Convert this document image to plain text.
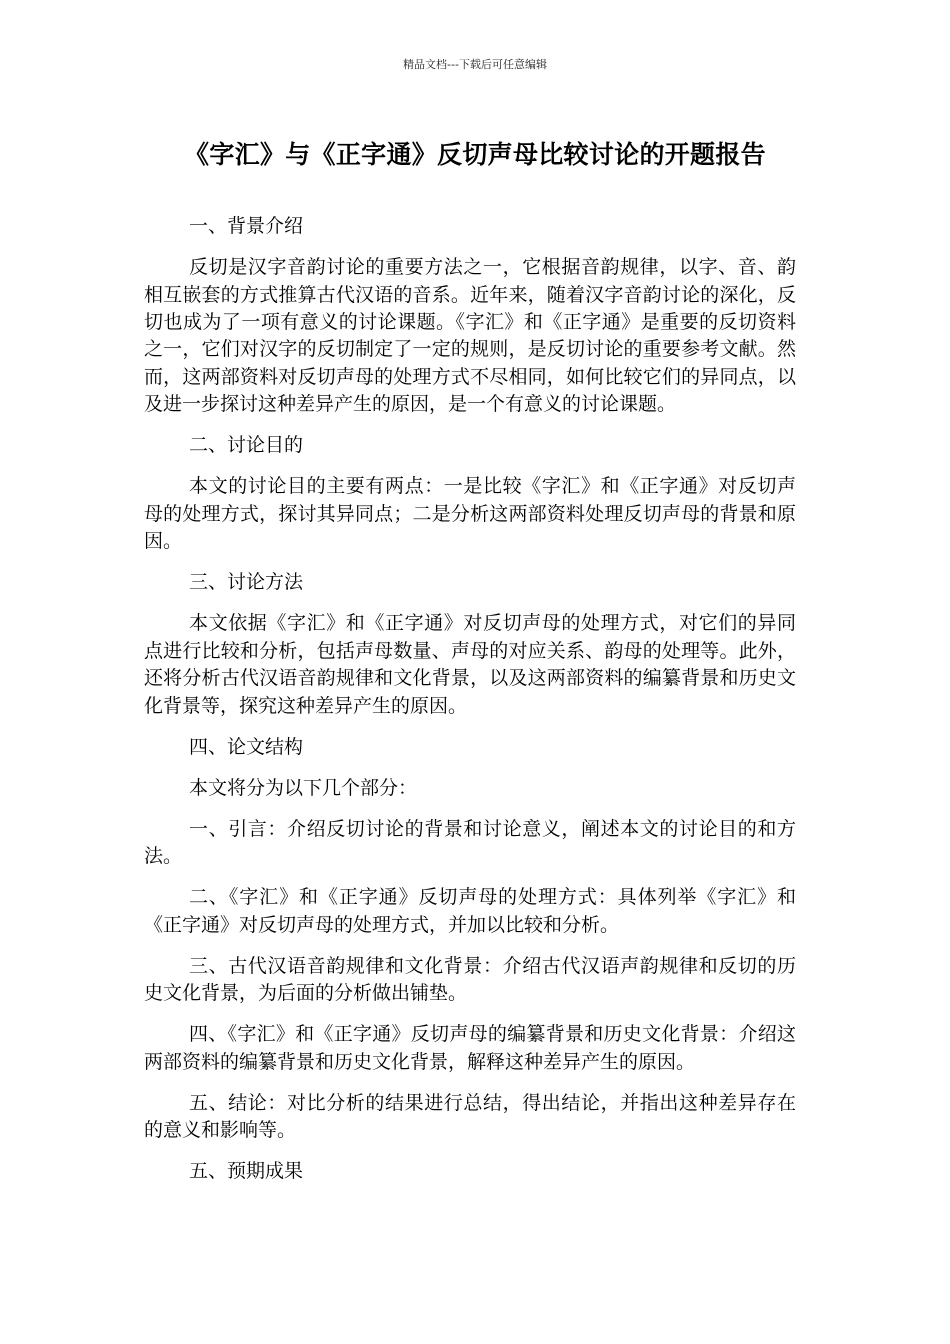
精品文档---下载后可任意编辑
《字汇》与《正字通》反切声母比较讨论的开题报告

一、背景介绍

反切是汉字音韵讨论的重要方法之一，它根据音韵规律，以字、音、韵相互嵌套的方式推算古代汉语的音系。近年来，随着汉字音韵讨论的深化，反切也成为了一项有意义的讨论课题。《字汇》和《正字通》是重要的反切资料之一，它们对汉字的反切制定了一定的规则，是反切讨论的重要参考文献。然而，这两部资料对反切声母的处理方式不尽相同，如何比较它们的异同点，以及进一步探讨这种差异产生的原因，是一个有意义的讨论课题。

二、讨论目的

本文的讨论目的主要有两点：一是比较《字汇》和《正字通》对反切声母的处理方式，探讨其异同点；二是分析这两部资料处理反切声母的背景和原因。

三、讨论方法

本文依据《字汇》和《正字通》对反切声母的处理方式，对它们的异同点进行比较和分析，包括声母数量、声母的对应关系、韵母的处理等。此外，还将分析古代汉语音韵规律和文化背景，以及这两部资料的编纂背景和历史文化背景等，探究这种差异产生的原因。

四、论文结构

本文将分为以下几个部分：

一、引言：介绍反切讨论的背景和讨论意义，阐述本文的讨论目的和方法。

二、《字汇》和《正字通》反切声母的处理方式：具体列举《字汇》和《正字通》对反切声母的处理方式，并加以比较和分析。

三、古代汉语音韵规律和文化背景：介绍古代汉语声韵规律和反切的历史文化背景，为后面的分析做出铺垫。

四、《字汇》和《正字通》反切声母的编纂背景和历史文化背景：介绍这两部资料的编纂背景和历史文化背景，解释这种差异产生的原因。

五、结论：对比分析的结果进行总结，得出结论，并指出这种差异存在的意义和影响等。

五、预期成果
